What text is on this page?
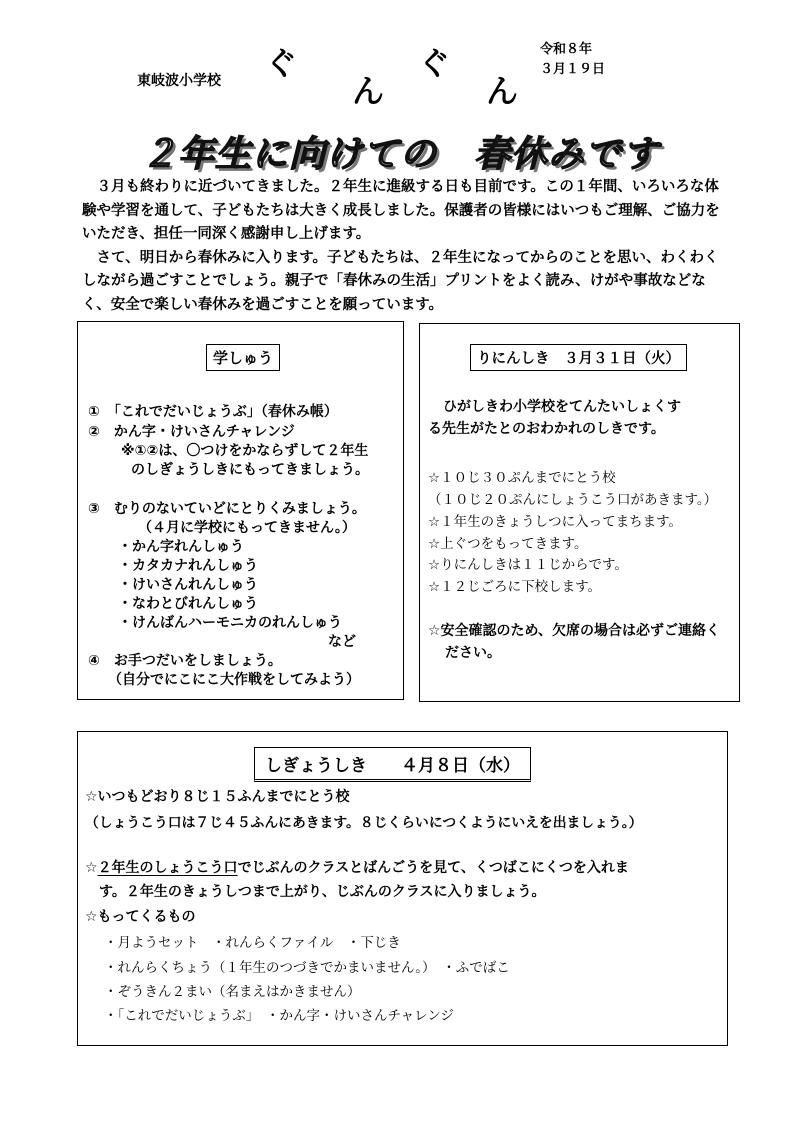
東岐波小学校 ぐ
ん
ぐ
ん
令和８年
３月１９日
２年生に向けての　春休みです

３月も終わりに近づいてきました。２年生に進級する日も目前です。この１年間、いろいろな体験や学習を通して、子どもたちは大きく成長しました。保護者の皆様にはいつもご理解、ご協力をいただき、担任一同深く感謝申し上げます。

さて、明日から春休みに入ります。子どもたちは、２年生になってからのことを思い、わくわくしながら過ごすことでしょう。親子で「春休みの生活」プリントをよく読み、けがや事故などなく、安全で楽しい春休みを過ごすことを願っています。

学しゅう
①　「これでだいじょうぶ」（春休み帳）
②　かん字・けいさんチャレンジ
※①②は、〇つけをかならずして２年生
のしぎょうしきにもってきましょう。
③　むりのないていどにとりくみましょう。
（４月に学校にもってきません。）
・かん字れんしゅう
・カタカナれんしゅう
・けいさんれんしゅう
・なわとびれんしゅう
・けんばんハーモニカのれんしゅう
など
④　お手つだいをしましょう。
（自分でにこにこ大作戦をしてみよう）
りにんしき　３月３１日（火）
ひがしきわ小学校をてんたいしょくす
る先生がたとのおわかれのしきです。
☆１０じ３０ぷんまでにとう校
（１０じ２０ぷんにしょうこう口があきます。）
☆１年生のきょうしつに入ってまちます。
☆上ぐつをもってきます。
☆りにんしきは１１じからです。
☆１２じごろに下校します。
☆安全確認のため、欠席の場合は必ずご連絡く
ださい。
しぎょうしき　　４月８日（水）
☆いつもどおり８じ１５ふんまでにとう校
（しょうこう口は７じ４５ふんにあきます。８じくらいにつくようにいえを出ましょう。）
☆２年生のしょうこう口でじぶんのクラスとばんごうを見て、くつばこにくつを入れま
す。２年生のきょうしつまで上がり、じぶんのクラスに入りましょう。
☆もってくるもの
・月ようセット　・れんらくファイル　・下じき
・れんらくちょう（１年生のつづきでかまいません。）　・ふでばこ
・ぞうきん２まい（名まえはかきません）
・「これでだいじょうぶ」　・かん字・けいさんチャレンジ
